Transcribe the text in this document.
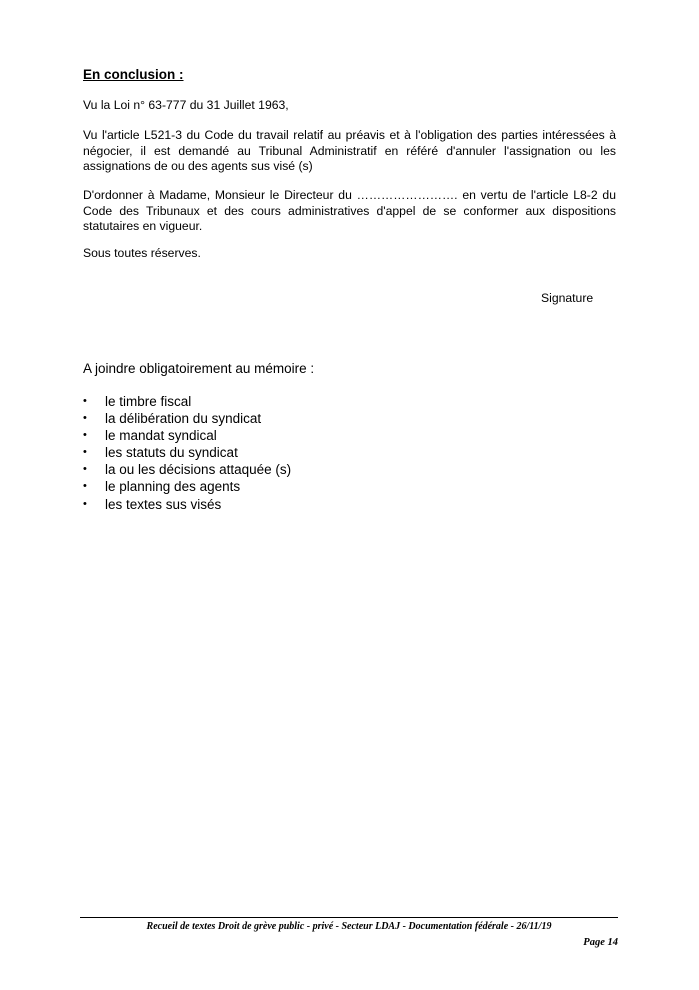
En conclusion :
Vu la Loi n° 63-777 du 31 Juillet 1963,
Vu l'article L521-3 du Code du travail relatif au préavis et à l'obligation des parties intéressées à négocier, il est demandé au Tribunal Administratif en référé d'annuler l'assignation ou les assignations de ou des agents sus visé (s)
D'ordonner à Madame, Monsieur le Directeur du ……………………. en vertu de l'article L8-2 du Code des Tribunaux et des cours administratives d'appel de se conformer aux dispositions statutaires en vigueur.
Sous toutes réserves.
Signature
A joindre obligatoirement au mémoire :
• le timbre fiscal
• la délibération du syndicat
• le mandat syndical
• les statuts du syndicat
• la ou les décisions attaquée (s)
• le planning des agents
• les textes sus visés
Recueil de textes Droit de grève public - privé - Secteur LDAJ - Documentation fédérale - 26/11/19
Page 14
